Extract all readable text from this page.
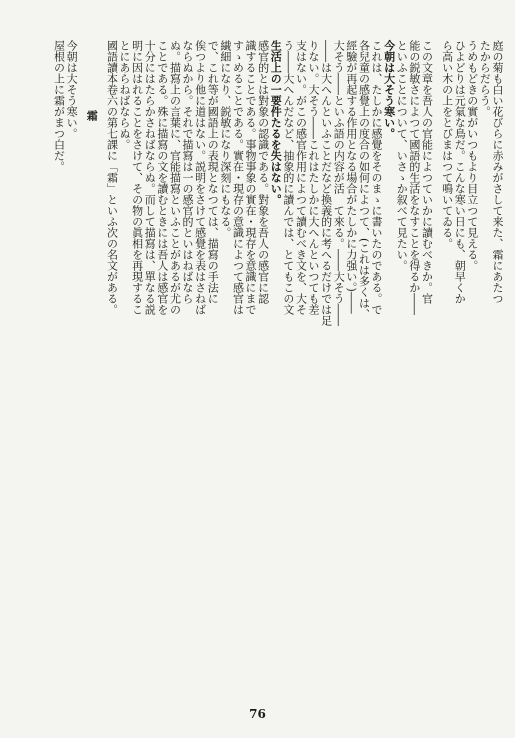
庭の菊も白い花びらに赤みがさして来た、霜にあたつ
たからだらう。
うめもどきの實がいつもより目立つて見える。
ひよどりは元氣な鳥だ。こんな寒い日にも、朝早くか
ら高い木の上をとびまはつて鳴いてゐる。
この文章を吾人の官能によつていかに讀むべきか。官
能の鋭敏さによつて國語的生活をなすことを得るか――
といふことについて、いさゝか叙べて見たい。
今朝は大そう寒い。
これは、たしかに感覺をそのまゝに書いたのである。で
各兒童の感覺上の度合の如何によつて、(これは多くは、
經驗が再起する作用となる場合がたしかに力强い。)――
大そう――といふ語の内容が活　て來る。――大そう――
――は大へんといふことだなど換義的に考へるだけでは足
りない。大そう――これはたしかに大へんといつても差
支はない。がこの感官作用によつて讀むべき文を、大そ
う――大へんだなど、抽象的に讀んでは、とてもこの文
生活上の一要件たるを失はない。
感官的とは對象の認識である。對象を吾人の感官に認
識することである。事物事象の實在・現存を意識にまで
すゝめることである。實在・現存の意識によつて感官は
繊細になり、鋭敏になり深刻にもなる。
で、これ等が國語上の表現となつては、描寫の手法に
俟つより他に道はない。説明をさけて感覺を表はさねば
ならぬから。それで描寫は一の感官的といはねばなら
ぬ。描寫上の言葉に、官能描寫といふことがあるが尤の
ことである。殊に描寫の文を讀むときには吾人は感官を
十分にはたらかさねばならぬ。而して描寫は、單なる説
明に因はれることをさけて、その物の眞相を再現するこ
とにあらねばならぬ。
國語讀本卷六の第七課に「霜」といふ次の名文がある。
霜
今朝は大そう寒い。
屋根の上に霜がまつ白だ。
76
